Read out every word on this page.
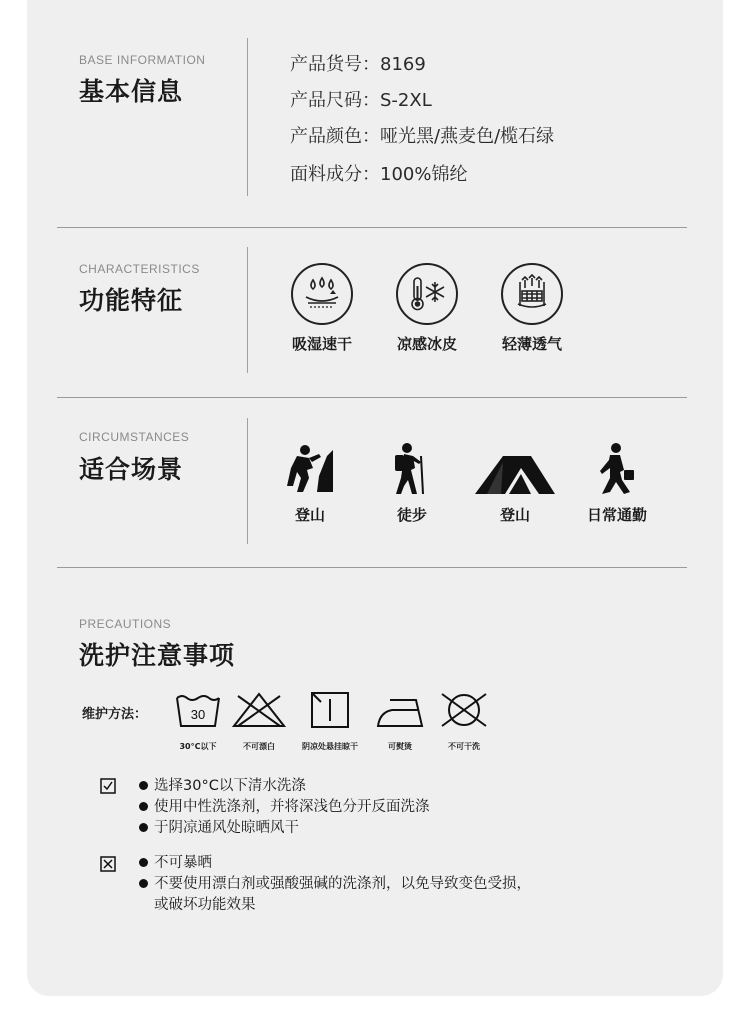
BASE INFORMATION
基本信息
产品货号：8169
产品尺码：S-2XL
产品颜色：哑光黑/燕麦色/榄石绿
面料成分：100%锦纶
CHARACTERISTICS
功能特征
吸湿速干	凉感冰皮	轻薄透气
CIRCUMSTANCES
适合场景
登山	徒步	登山	日常通勤
PRECAUTIONS
洗护注意事项
维护方法：	30
30°C以下	不可漂白	阴凉处悬挂晾干	可熨烫	不可干洗
选择30°C以下清水洗涤
使用中性洗涤剂，并将深浅色分开反面洗涤
于阴凉通风处晾晒风干
不可暴晒
不要使用漂白剂或强酸强碱的洗涤剂，以免导致变色受损，
或破坏功能效果
